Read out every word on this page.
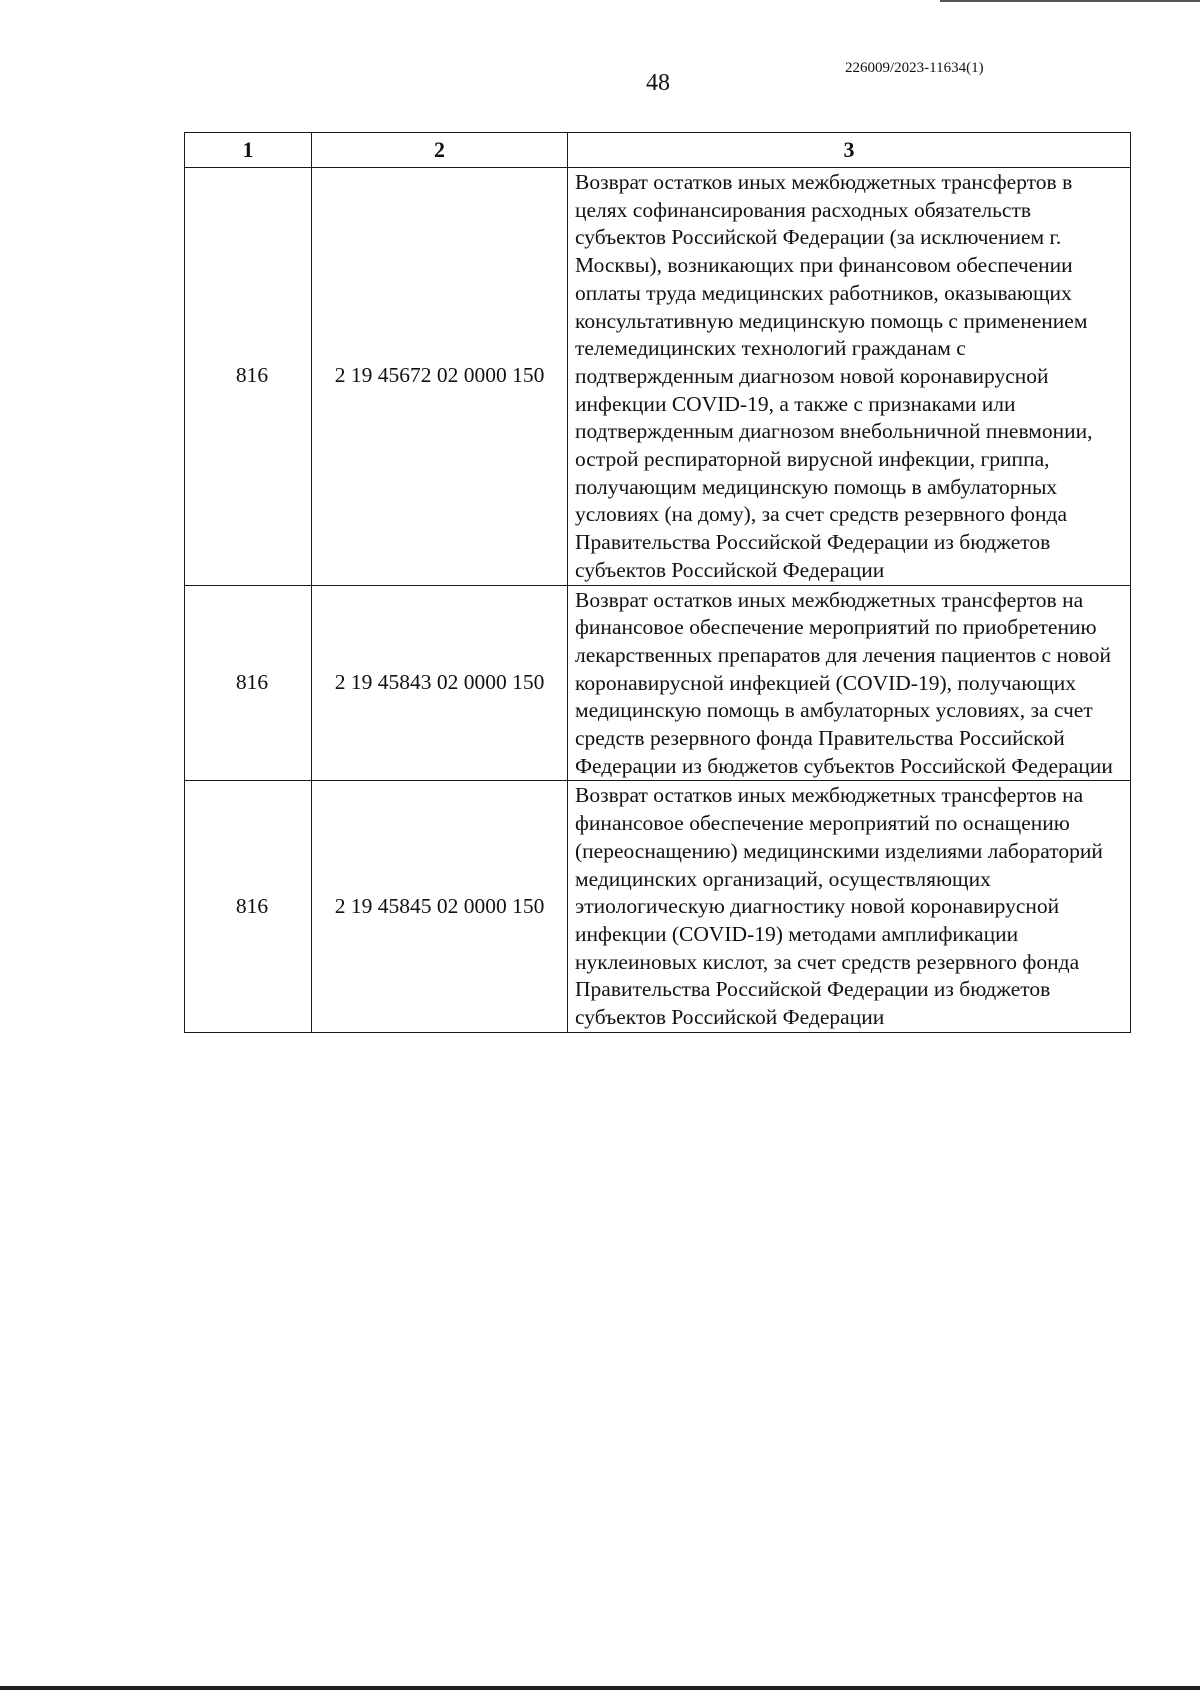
48
226009/2023-11634(1)
1	2	3
816	2 19 45672 02 0000 150	Возврат остатков иных межбюджетных трансфертов в целях софинансирования расходных обязательств субъектов Российской Федерации (за исключением г. Москвы), возникающих при финансовом обеспечении оплаты труда медицинских работников, оказывающих консультативную медицинскую помощь с применением телемедицинских технологий гражданам с подтвержденным диагнозом новой коронавирусной инфекции COVID-19, а также с признаками или подтвержденным диагнозом внебольничной пневмонии, острой респираторной вирусной инфекции, гриппа, получающим медицинскую помощь в амбулаторных условиях (на дому), за счет средств резервного фонда Правительства Российской Федерации из бюджетов субъектов Российской Федерации
816	2 19 45843 02 0000 150	Возврат остатков иных межбюджетных трансфертов на финансовое обеспечение мероприятий по приобретению лекарственных препаратов для лечения пациентов с новой коронавирусной инфекцией (COVID-19), получающих медицинскую помощь в амбулаторных условиях, за счет средств резервного фонда Правительства Российской Федерации из бюджетов субъектов Российской Федерации
816	2 19 45845 02 0000 150	Возврат остатков иных межбюджетных трансфертов на финансовое обеспечение мероприятий по оснащению (переоснащению) медицинскими изделиями лабораторий медицинских организаций, осуществляющих этиологическую диагностику новой коронавирусной инфекции (COVID-19) методами амплификации нуклеиновых кислот, за счет средств резервного фонда Правительства Российской Федерации из бюджетов субъектов Российской Федерации
